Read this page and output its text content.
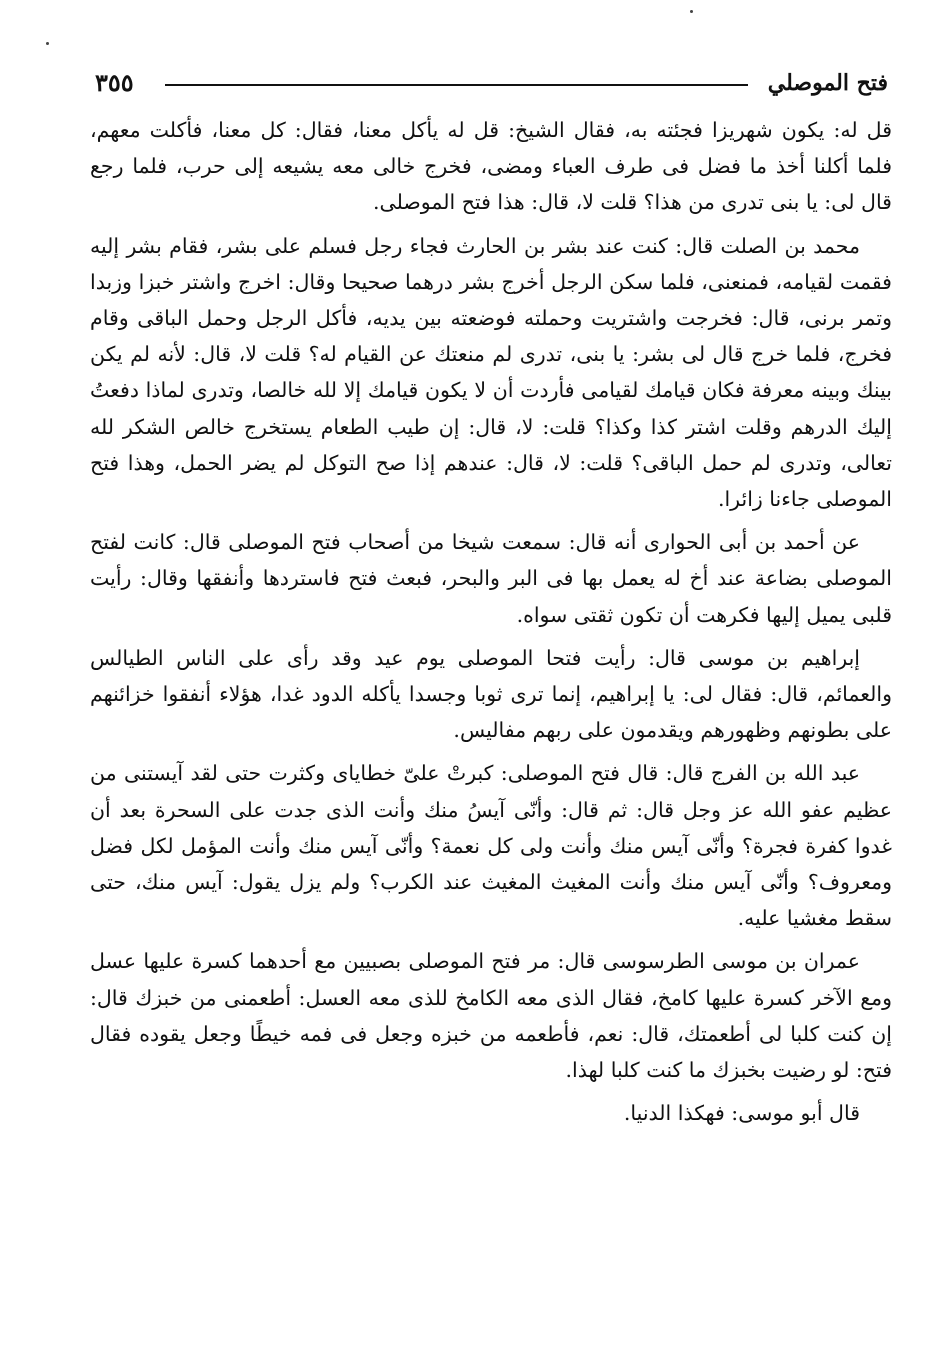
فتح الموصلي
٣٥٥

قل له: يكون شهريزا فجئته به، فقال الشيخ: قل له يأكل معنا، فقال: كل معنا، فأكلت معهم، فلما أكلنا أخذ ما فضل فى طرف العباء ومضى، فخرج خالى معه يشيعه إلى حرب، فلما رجع قال لى: يا بنى تدرى من هذا؟ قلت لا، قال: هذا فتح الموصلى.

محمد بن الصلت قال: كنت عند بشر بن الحارث فجاء رجل فسلم على بشر، فقام بشر إليه فقمت لقيامه، فمنعنى، فلما سكن الرجل أخرج بشر درهما صحيحا وقال: اخرج واشتر خبزا وزبدا وتمر برنى، قال: فخرجت واشتريت وحملته فوضعته بين يديه، فأكل الرجل وحمل الباقى وقام فخرج، فلما خرج قال لى بشر: يا بنى، تدرى لم منعتك عن القيام له؟ قلت لا، قال: لأنه لم يكن بينك وبينه معرفة فكان قيامك لقيامى فأردت أن لا يكون قيامك إلا لله خالصا، وتدرى لماذا دفعتُ إليك الدرهم وقلت اشتر كذا وكذا؟ قلت: لا، قال: إن طيب الطعام يستخرج خالص الشكر لله تعالى، وتدرى لم حمل الباقى؟ قلت: لا، قال: عندهم إذا صح التوكل لم يضر الحمل، وهذا فتح الموصلى جاءنا زائرا.

عن أحمد بن أبى الحوارى أنه قال: سمعت شيخا من أصحاب فتح الموصلى قال: كانت لفتح الموصلى بضاعة عند أخ له يعمل بها فى البر والبحر، فبعث فتح فاستردها وأنفقها وقال: رأيت قلبى يميل إليها فكرهت أن تكون ثقتى سواه.

إبراهيم بن موسى قال: رأيت فتحا الموصلى يوم عيد وقد رأى على الناس الطيالس والعمائم، قال: فقال لى: يا إبراهيم، إنما ترى ثوبا وجسدا يأكله الدود غدا، هؤلاء أنفقوا خزائنهم على بطونهم وظهورهم ويقدمون على ربهم مفاليس.

عبد الله بن الفرج قال: قال فتح الموصلى: كبرتْ علىّ خطاياى وكثرت حتى لقد آيستنى من عظيم عفو الله عز وجل قال: ثم قال: وأنّى آيسُ منك وأنت الذى جدت على السحرة بعد أن غدوا كفرة فجرة؟ وأنّى آيس منك وأنت ولى كل نعمة؟ وأنّى آيس منك وأنت المؤمل لكل فضل ومعروف؟ وأنّى آيس منك وأنت المغيث المغيث عند الكرب؟ ولم يزل يقول: آيس منك، حتى سقط مغشيا عليه.

عمران بن موسى الطرسوسى قال: مر فتح الموصلى بصبيين مع أحدهما كسرة عليها عسل ومع الآخر كسرة عليها كامخ، فقال الذى معه الكامخ للذى معه العسل: أطعمنى من خبزك قال: إن كنت كلبا لى أطعمتك، قال: نعم، فأطعمه من خبزه وجعل فى فمه خيطًا وجعل يقوده فقال فتح: لو رضيت بخبزك ما كنت كلبا لهذا.

قال أبو موسى: فهكذا الدنيا.
